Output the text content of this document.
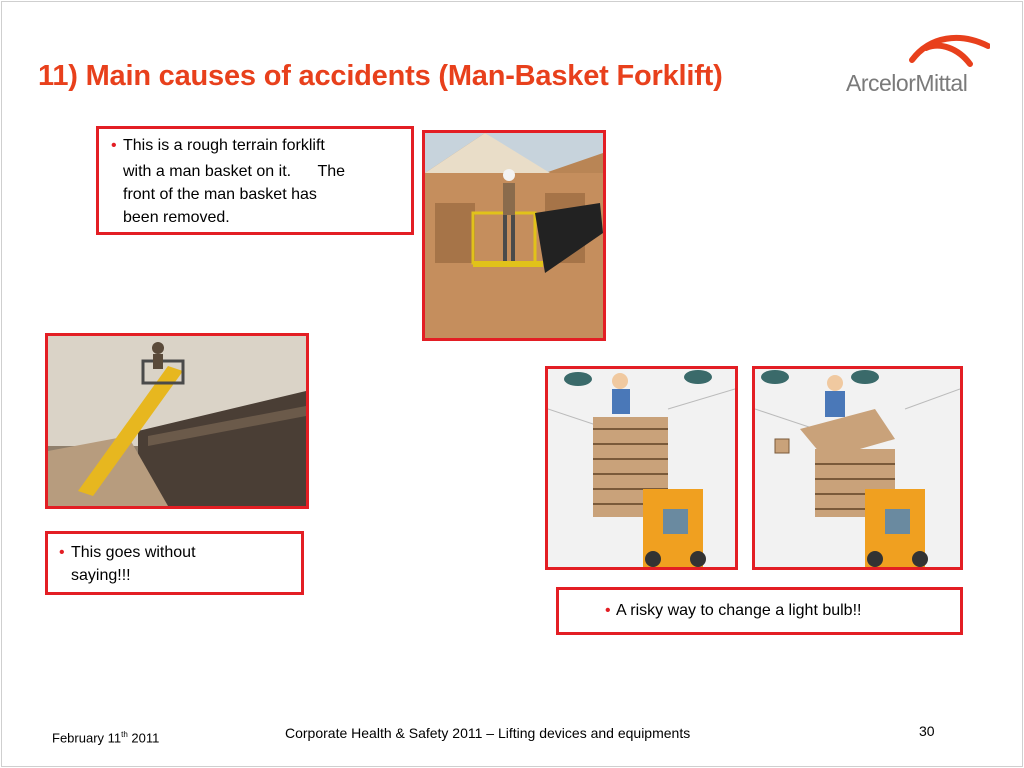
11) Main causes of accidents (Man-Basket Forklift)	ArcelorMittal
• This is a rough terrain forklift
with a man basket on it.      The
front of the man basket has
been removed.
• This goes without
saying!!!
• A risky way to change a light bulb!!
February 11th 2011	Corporate Health & Safety 2011 – Lifting devices and equipments	30
